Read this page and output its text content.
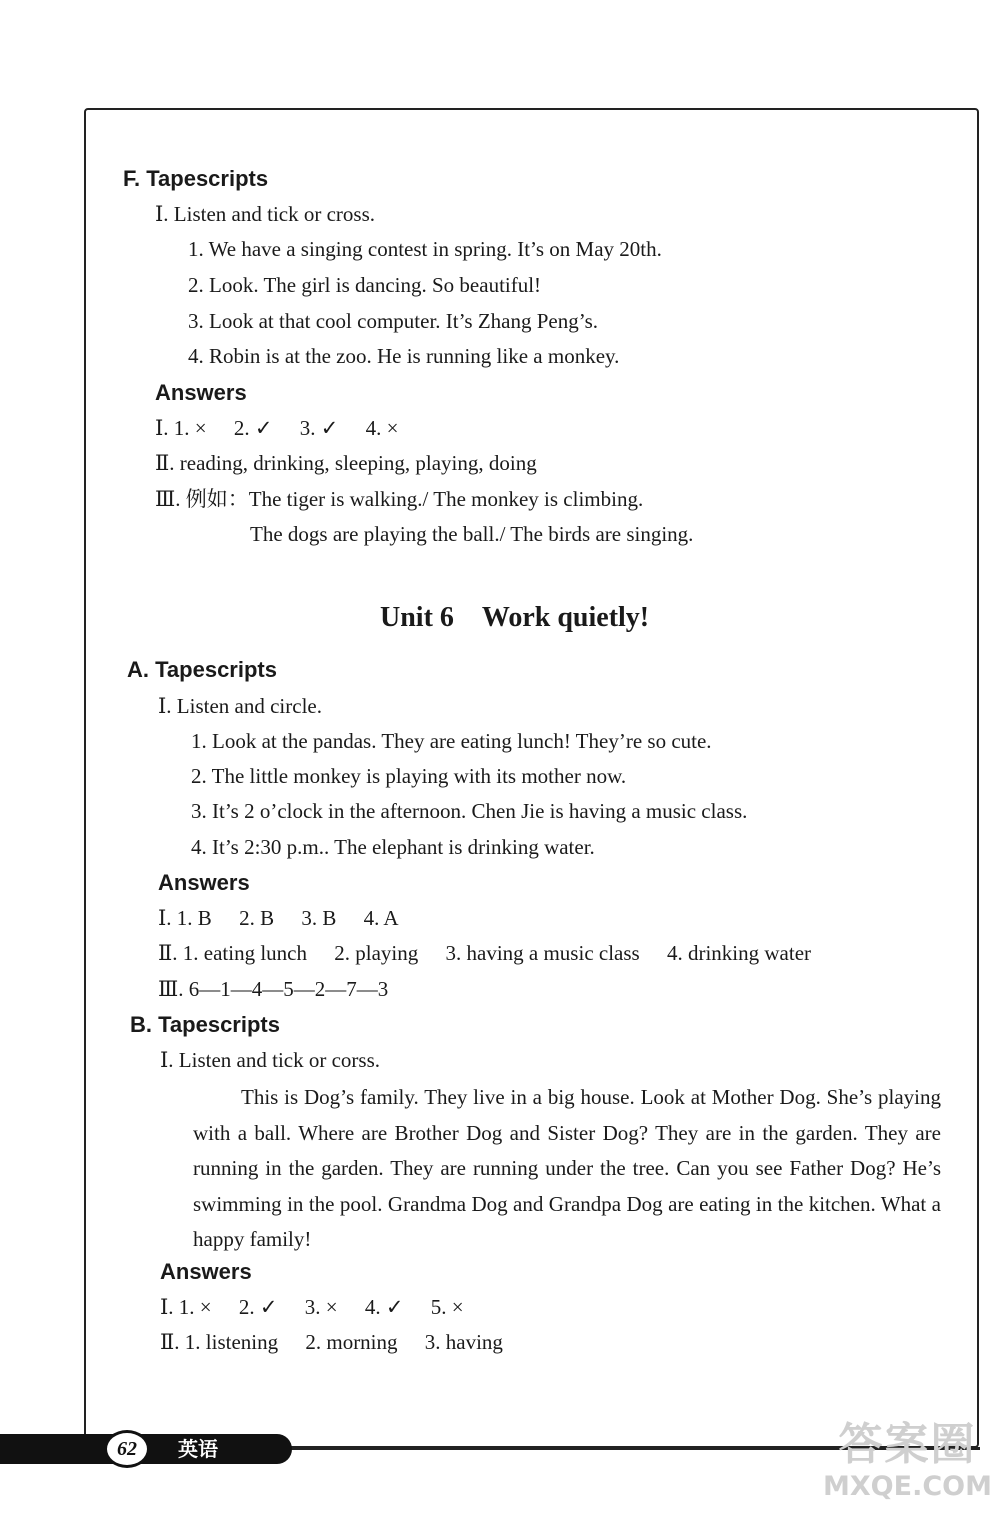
F. Tapescripts
Ⅰ. Listen and tick or cross.
1. We have a singing contest in spring. It’s on May 20th.
2. Look. The girl is dancing. So beautiful!
3. Look at that cool computer. It’s Zhang Peng’s.
4. Robin is at the zoo. He is running like a monkey.
Answers
Ⅰ. 1. × 2. ✓ 3. ✓ 4. ×
Ⅱ. reading, drinking, sleeping, playing, doing
Ⅲ. 例如：The tiger is walking./ The monkey is climbing.
The dogs are playing the ball./ The birds are singing.
Unit 6　Work quietly!
A. Tapescripts
Ⅰ. Listen and circle.
1. Look at the pandas. They are eating lunch! They’re so cute.
2. The little monkey is playing with its mother now.
3. It’s 2 o’clock in the afternoon. Chen Jie is having a music class.
4. It’s 2:30 p.m.. The elephant is drinking water.
Answers
Ⅰ. 1. B 2. B 3. B 4. A
Ⅱ. 1. eating lunch 2. playing 3. having a music class 4. drinking water
Ⅲ. 6—1—4—5—2—7—3
B. Tapescripts
Ⅰ. Listen and tick or corss.
This is Dog’s family. They live in a big house. Look at Mother Dog. She’s playing with a ball. Where are Brother Dog and Sister Dog? They are in the garden. They are running in the garden. They are running under the tree. Can you see Father Dog? He’s swimming in the pool. Grandma Dog and Grandpa Dog are eating in the kitchen. What a happy family!
Answers
Ⅰ. 1. × 2. ✓ 3. × 4. ✓ 5. ×
Ⅱ. 1. listening 2. morning 3. having
62	英语	答案圈
MXQE.COM
